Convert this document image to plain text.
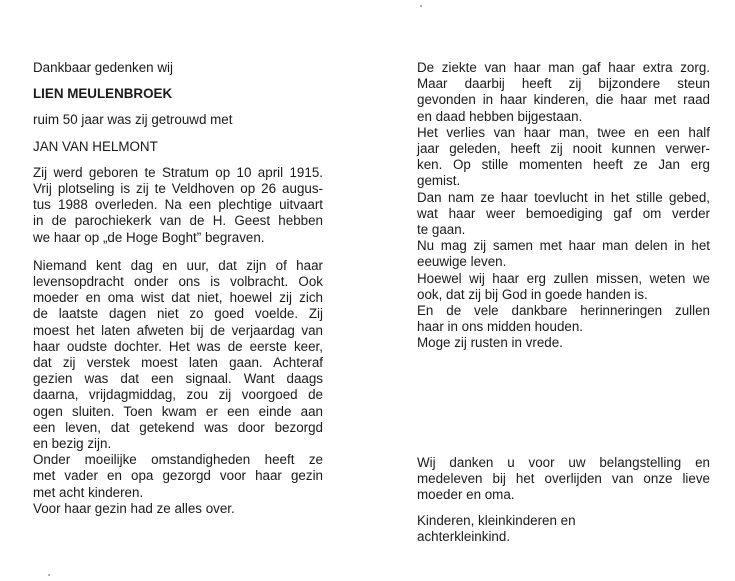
Dankbaar gedenken wij
LIEN MEULENBROEK
ruim 50 jaar was zij getrouwd met
JAN VAN HELMONT
Zij werd geboren te Stratum op 10 april 1915.
Vrij plotseling is zij te Veldhoven op 26 augus-
tus 1988 overleden. Na een plechtige uitvaart
in de parochiekerk van de H. Geest hebben
we haar op „de Hoge Boght” begraven.
Niemand kent dag en uur, dat zijn of haar
levensopdracht onder ons is volbracht. Ook
moeder en oma wist dat niet, hoewel zij zich
de laatste dagen niet zo goed voelde. Zij
moest het laten afweten bij de verjaardag van
haar oudste dochter. Het was de eerste keer,
dat zij verstek moest laten gaan. Achteraf
gezien was dat een signaal. Want daags
daarna, vrijdagmiddag, zou zij voorgoed de
ogen sluiten. Toen kwam er een einde aan
een leven, dat getekend was door bezorgd
en bezig zijn.
Onder moeilijke omstandigheden heeft ze
met vader en opa gezorgd voor haar gezin
met acht kinderen.
Voor haar gezin had ze alles over.
De ziekte van haar man gaf haar extra zorg.
Maar daarbij heeft zij bijzondere steun
gevonden in haar kinderen, die haar met raad
en daad hebben bijgestaan.
Het verlies van haar man, twee en een half
jaar geleden, heeft zij nooit kunnen verwer-
ken. Op stille momenten heeft ze Jan erg
gemist.
Dan nam ze haar toevlucht in het stille gebed,
wat haar weer bemoediging gaf om verder
te gaan.
Nu mag zij samen met haar man delen in het
eeuwige leven.
Hoewel wij haar erg zullen missen, weten we
ook, dat zij bij God in goede handen is.
En de vele dankbare herinneringen zullen
haar in ons midden houden.
Moge zij rusten in vrede.
Wij danken u voor uw belangstelling en
medeleven bij het overlijden van onze lieve
moeder en oma.
Kinderen, kleinkinderen en
achterkleinkind.
